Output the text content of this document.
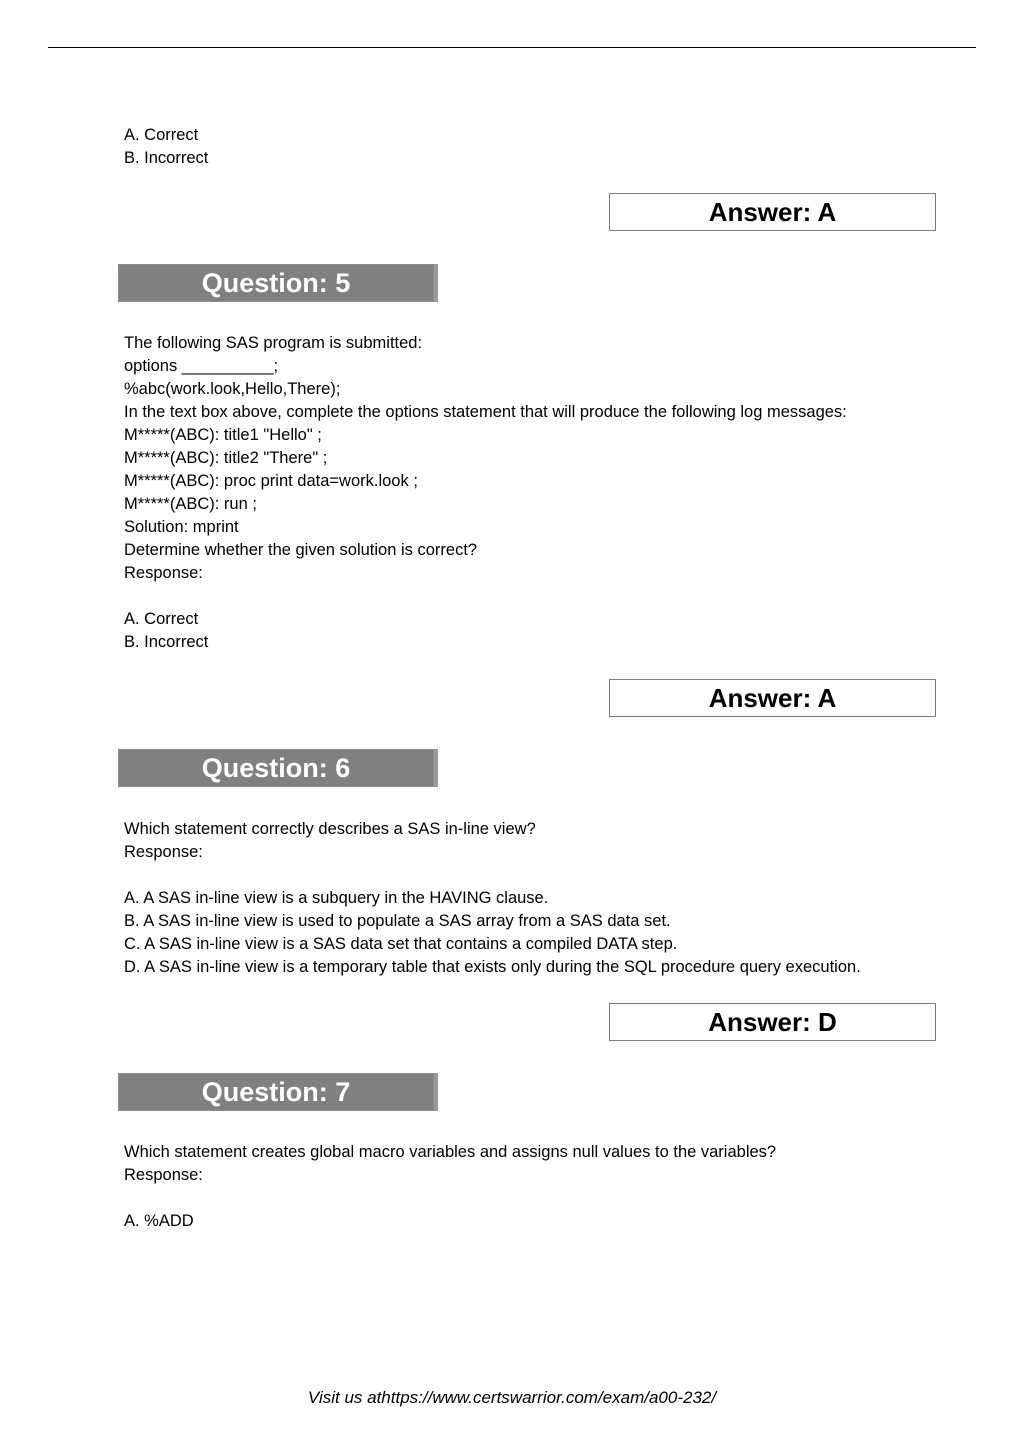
A. Correct
B. Incorrect
Answer: A
Question: 5
The following SAS program is submitted:
options __________;
%abc(work.look,Hello,There);
In the text box above, complete the options statement that will produce the following log messages:
M*****(ABC): title1 "Hello" ;
M*****(ABC): title2 "There" ;
M*****(ABC): proc print data=work.look ;
M*****(ABC): run ;
Solution: mprint
Determine whether the given solution is correct?
Response:
A. Correct
B. Incorrect
Answer: A
Question: 6
Which statement correctly describes a SAS in-line view?
Response:
A. A SAS in-line view is a subquery in the HAVING clause.
B. A SAS in-line view is used to populate a SAS array from a SAS data set.
C. A SAS in-line view is a SAS data set that contains a compiled DATA step.
D. A SAS in-line view is a temporary table that exists only during the SQL procedure query execution.
Answer: D
Question: 7
Which statement creates global macro variables and assigns null values to the variables?
Response:
A. %ADD
Visit us athttps://www.certswarrior.com/exam/a00-232/
